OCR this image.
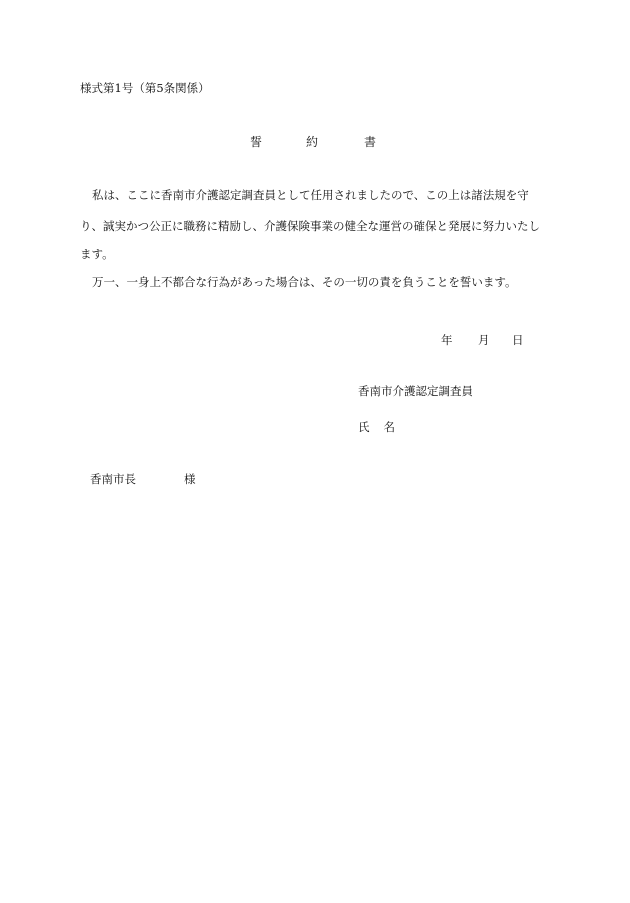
様式第1号（第5条関係）
誓	約	書
私は、ここに香南市介護認定調査員として任用されましたので、この上は諸法規を守
り、誠実かつ公正に職務に精励し、介護保険事業の健全な運営の確保と発展に努力いたし
ます。
万一、一身上不都合な行為があった場合は、その一切の責を負うことを誓います。
年 月 日
香南市介護認定調査員
氏 名
香南市長	様
